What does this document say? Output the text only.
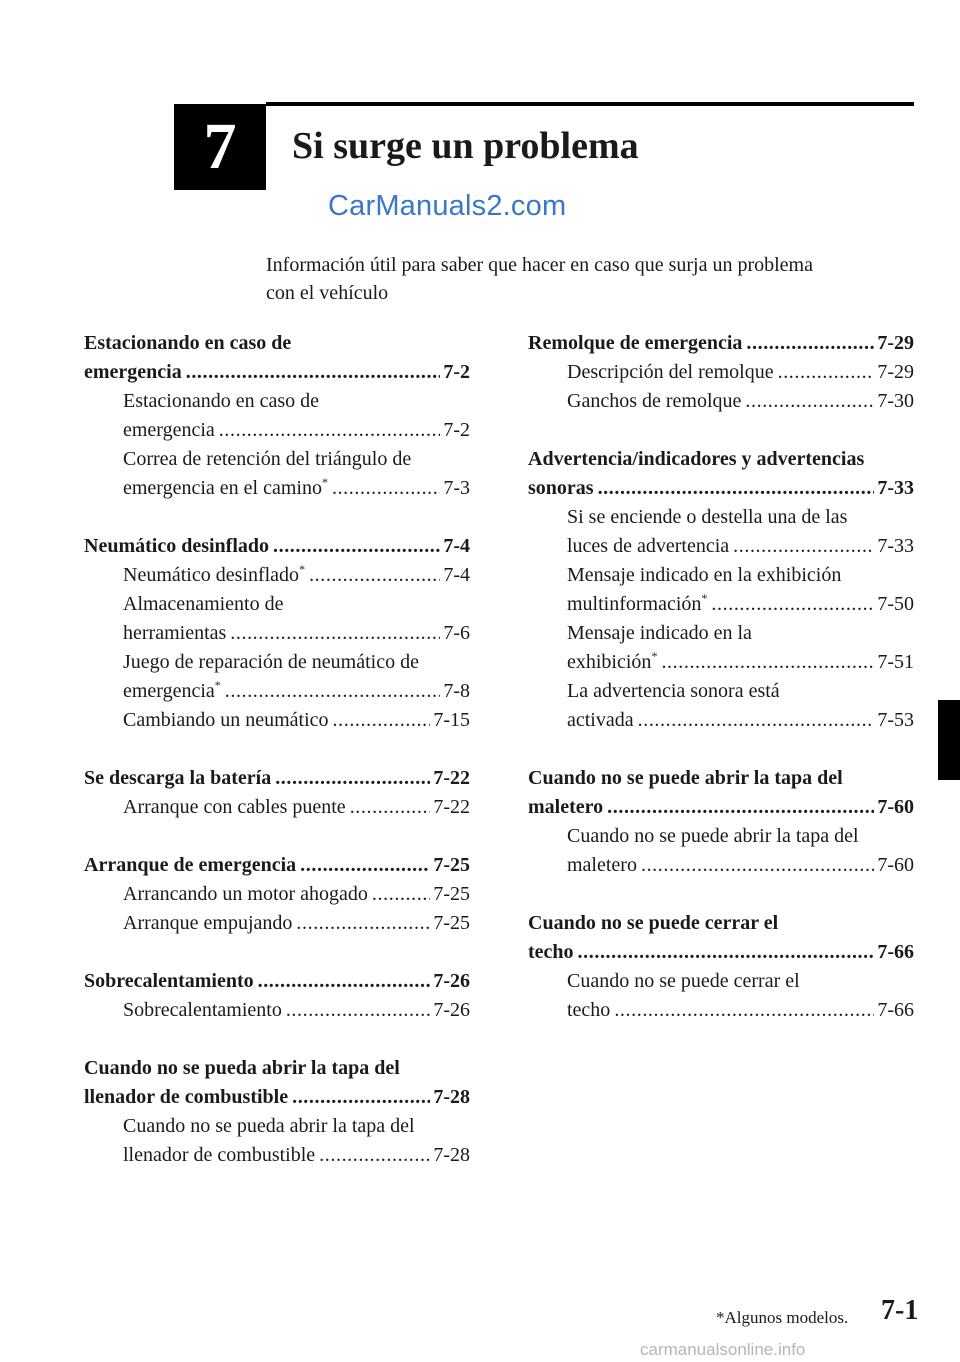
7 Si surge un problema
CarManuals2.com
Información útil para saber que hacer en caso que surja un problema
con el vehículo
Estacionando en caso de
emergencia . . .	7-2
Estacionando en caso de
emergencia . . .	7-2
Correa de retención del triángulo de
emergencia en el camino * . . .	7-3
Neumático desinflado . . .	7-4
Neumático desinflado * . . .	7-4
Almacenamiento de
herramientas . . .	7-6
Juego de reparación de neumático de
emergencia * . . .	7-8
Cambiando un neumático . . .	7-15
Se descarga la batería . . .	7-22
Arranque con cables puente . . .	7-22
Arranque de emergencia . . .	7-25
Arrancando un motor ahogado . . .	7-25
Arranque empujando . . .	7-25
Sobrecalentamiento . . .	7-26
Sobrecalentamiento . . .	7-26
Cuando no se pueda abrir la tapa del
llenador de combustible . . .	7-28
Cuando no se pueda abrir la tapa del
llenador de combustible . . .	7-28
Remolque de emergencia . . .	7-29
Descripción del remolque . . .	7-29
Ganchos de remolque . . .	7-30
Advertencia/indicadores y advertencias
sonoras . . .	7-33
Si se enciende o destella una de las
luces de advertencia . . .	7-33
Mensaje indicado en la exhibición
multinformación * . . .	7-50
Mensaje indicado en la
exhibición * . . .	7-51
La advertencia sonora está
activada . . .	7-53
Cuando no se puede abrir la tapa del
maletero . . .	7-60
Cuando no se puede abrir la tapa del
maletero . . .	7-60
Cuando no se puede cerrar el
techo . . .	7-66
Cuando no se puede cerrar el
techo . . .	7-66
*Algunos modelos. 7-1
carmanualsonline.info
